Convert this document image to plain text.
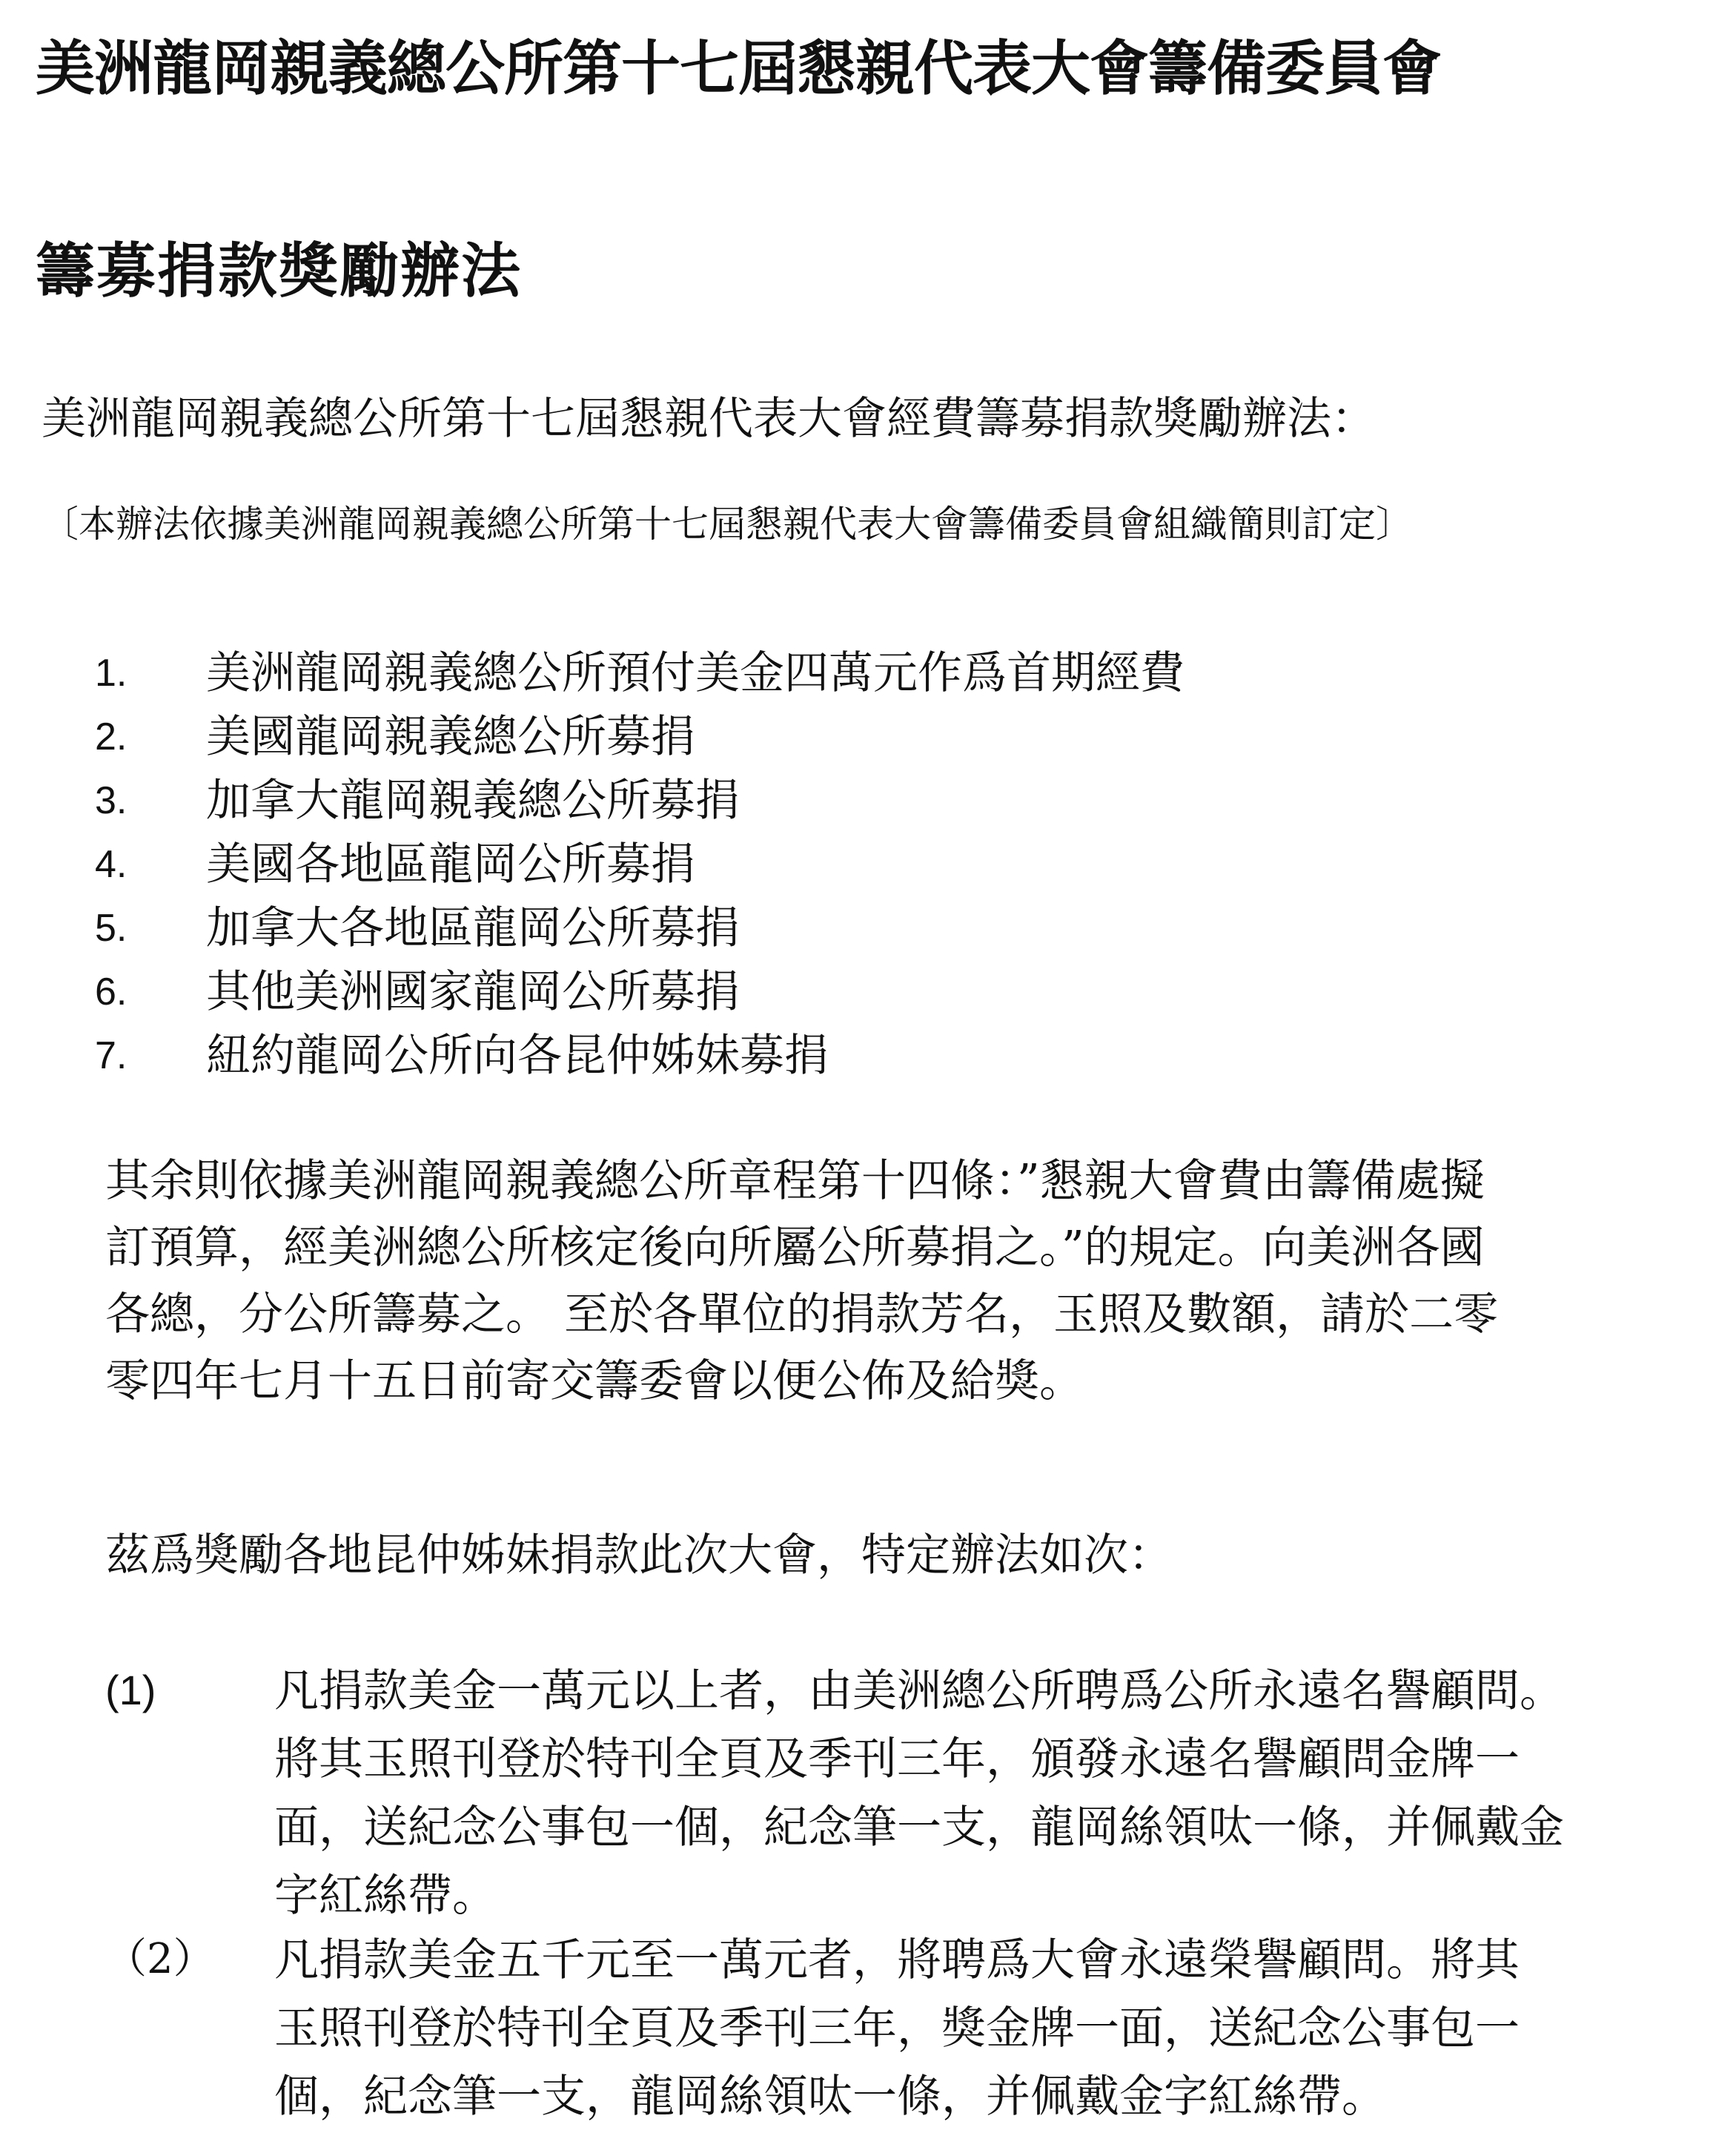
美洲龍岡親義總公所第十七屆懇親代表大會籌備委員會
籌募捐款獎勵辦法
美洲龍岡親義總公所第十七屆懇親代表大會經費籌募捐款獎勵辦法：
〔本辦法依據美洲龍岡親義總公所第十七屆懇親代表大會籌備委員會組織簡則訂定〕
1.	美洲龍岡親義總公所預付美金四萬元作爲首期經費
2.	美國龍岡親義總公所募捐
3.	加拿大龍岡親義總公所募捐
4.	美國各地區龍岡公所募捐
5.	加拿大各地區龍岡公所募捐
6.	其他美洲國家龍岡公所募捐
7.	紐約龍岡公所向各昆仲姊妹募捐
其余則依據美洲龍岡親義總公所章程第十四條：”懇親大會費由籌備處擬
訂預算，經美洲總公所核定後向所屬公所募捐之。”的規定。向美洲各國
各總，分公所籌募之。 至於各單位的捐款芳名，玉照及數額，請於二零
零四年七月十五日前寄交籌委會以便公佈及給獎。
茲爲獎勵各地昆仲姊妹捐款此次大會，特定辦法如次：
(1)	凡捐款美金一萬元以上者，由美洲總公所聘爲公所永遠名譽顧問。
將其玉照刊登於特刊全頁及季刊三年，頒發永遠名譽顧問金牌一
面，送紀念公事包一個，紀念筆一支，龍岡絲領呔一條，并佩戴金
字紅絲帶。
（2） 凡捐款美金五千元至一萬元者，將聘爲大會永遠榮譽顧問。將其
玉照刊登於特刊全頁及季刊三年，獎金牌一面，送紀念公事包一
個，紀念筆一支，龍岡絲領呔一條，并佩戴金字紅絲帶。
